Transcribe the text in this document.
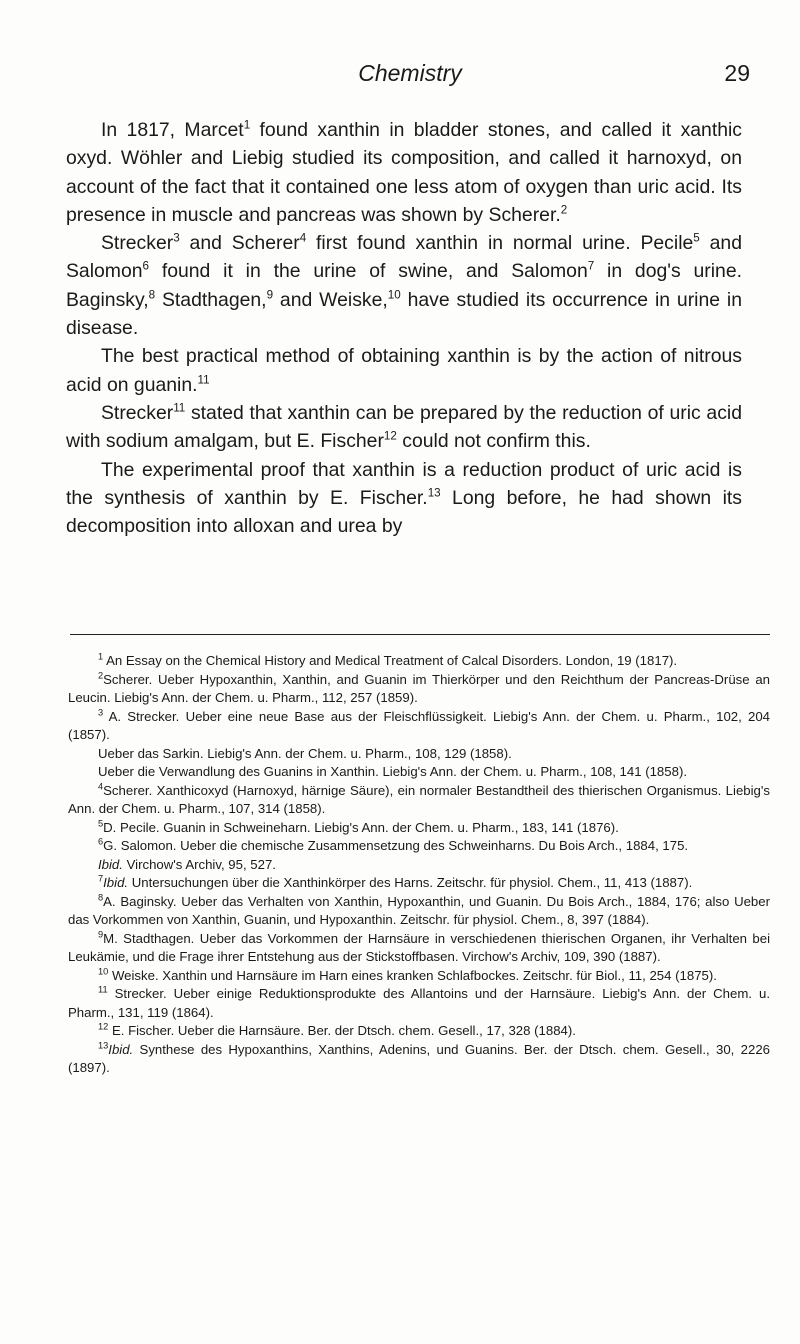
Chemistry	29

In 1817, Marcet$^1$ found xanthin in bladder stones, and called it xanthic oxyd. Wöhler and Liebig studied its composition, and called it harnoxyd, on account of the fact that it contained one less atom of oxygen than uric acid. Its presence in muscle and pancreas was shown by Scherer.$^2$

Strecker$^3$ and Scherer$^4$ first found xanthin in normal urine. Pecile$^5$ and Salomon$^6$ found it in the urine of swine, and Salomon$^7$ in dog's urine. Baginsky,$^8$ Stadthagen,$^9$ and Weiske,$^{10}$ have studied its occurrence in urine in disease.

The best practical method of obtaining xanthin is by the action of nitrous acid on guanin.$^{11}$

Strecker$^{11}$ stated that xanthin can be prepared by the reduction of uric acid with sodium amalgam, but E. Fischer$^{12}$ could not confirm this.

The experimental proof that xanthin is a reduction product of uric acid is the synthesis of xanthin by E. Fischer.$^{13}$ Long before, he had shown its decomposition into alloxan and urea by

$^1$ An Essay on the Chemical History and Medical Treatment of Calcal Disorders. London, 19 (1817).

$^2$Scherer. Ueber Hypoxanthin, Xanthin, and Guanin im Thierkörper und den Reichthum der Pancreas-Drüse an Leucin. Liebig's Ann. der Chem. u. Pharm., 112, 257 (1859).

$^3$ A. Strecker. Ueber eine neue Base aus der Fleischflüssigkeit. Liebig's Ann. der Chem. u. Pharm., 102, 204 (1857).

Ueber das Sarkin. Liebig's Ann. der Chem. u. Pharm., 108, 129 (1858).

Ueber die Verwandlung des Guanins in Xanthin. Liebig's Ann. der Chem. u. Pharm., 108, 141 (1858).

$^4$Scherer. Xanthicoxyd (Harnoxyd, härnige Säure), ein normaler Bestandtheil des thierischen Organismus. Liebig's Ann. der Chem. u. Pharm., 107, 314 (1858).

$^5$D. Pecile. Guanin in Schweineharn. Liebig's Ann. der Chem. u. Pharm., 183, 141 (1876).

$^6$G. Salomon. Ueber die chemische Zusammensetzung des Schweinharns. Du Bois Arch., 1884, 175.

Ibid. Virchow's Archiv, 95, 527.

$^7$Ibid. Untersuchungen über die Xanthinkörper des Harns. Zeitschr. für physiol. Chem., 11, 413 (1887).

$^8$A. Baginsky. Ueber das Verhalten von Xanthin, Hypoxanthin, und Guanin. Du Bois Arch., 1884, 176; also Ueber das Vorkommen von Xanthin, Guanin, und Hypoxanthin. Zeitschr. für physiol. Chem., 8, 397 (1884).

$^9$M. Stadthagen. Ueber das Vorkommen der Harnsäure in verschiedenen thierischen Organen, ihr Verhalten bei Leukämie, und die Frage ihrer Entstehung aus der Stickstoffbasen. Virchow's Archiv, 109, 390 (1887).

$^{10}$ Weiske. Xanthin und Harnsäure im Harn eines kranken Schlafbockes. Zeitschr. für Biol., 11, 254 (1875).

$^{11}$ Strecker. Ueber einige Reduktionsprodukte des Allantoins und der Harnsäure. Liebig's Ann. der Chem. u. Pharm., 131, 119 (1864).

$^{12}$ E. Fischer. Ueber die Harnsäure. Ber. der Dtsch. chem. Gesell., 17, 328 (1884).

$^{13}$Ibid. Synthese des Hypoxanthins, Xanthins, Adenins, und Guanins. Ber. der Dtsch. chem. Gesell., 30, 2226 (1897).
